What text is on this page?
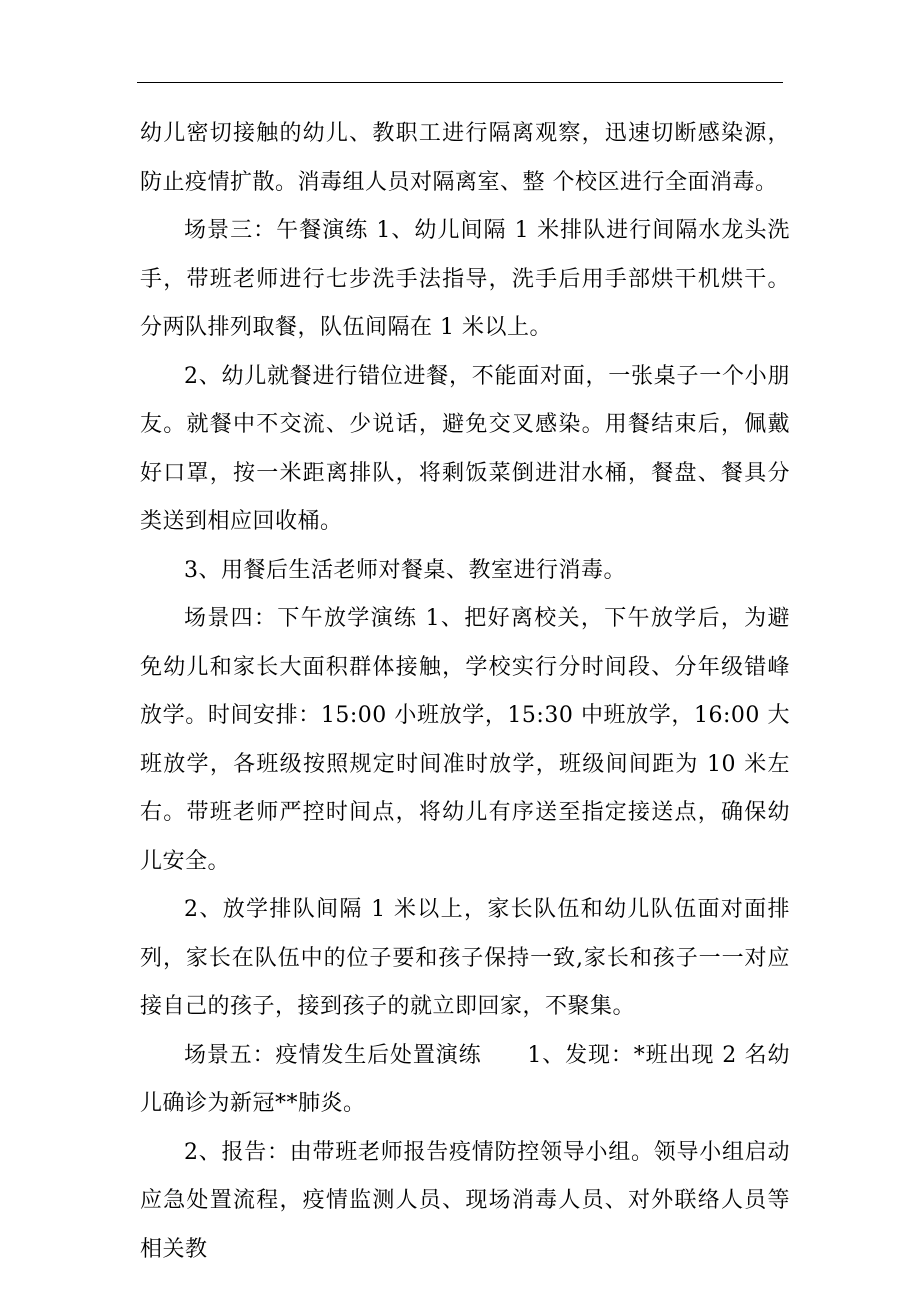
幼儿密切接触的幼儿、教职工进行隔离观察，迅速切断感染源，防止疫情扩散。消毒组人员对隔离室、整 个校区进行全面消毒。

场景三：午餐演练 1、幼儿间隔 1 米排队进行间隔水龙头洗手，带班老师进行七步洗手法指导，洗手后用手部烘干机烘干。分两队排列取餐，队伍间隔在 1 米以上。

2、幼儿就餐进行错位进餐，不能面对面，一张桌子一个小朋友。就餐中不交流、少说话，避免交叉感染。用餐结束后，佩戴好口罩，按一米距离排队，将剩饭菜倒进泔水桶，餐盘、餐具分类送到相应回收桶。

3、用餐后生活老师对餐桌、教室进行消毒。

场景四：下午放学演练 1、把好离校关，下午放学后，为避免幼儿和家长大面积群体接触，学校实行分时间段、分年级错峰放学。时间安排：15:00 小班放学，15:30 中班放学，16:00 大班放学，各班级按照规定时间准时放学，班级间间距为 10 米左右。带班老师严控时间点，将幼儿有序送至指定接送点，确保幼儿安全。

2、放学排队间隔 1 米以上，家长队伍和幼儿队伍面对面排列，家长在队伍中的位子要和孩子保持一致,家长和孩子一一对应接自己的孩子，接到孩子的就立即回家，不聚集。

场景五：疫情发生后处置演练　　1、发现：*班出现 2 名幼儿确诊为新冠**肺炎。

2、报告：由带班老师报告疫情防控领导小组。领导小组启动应急处置流程，疫情监测人员、现场消毒人员、对外联络人员等相关教
